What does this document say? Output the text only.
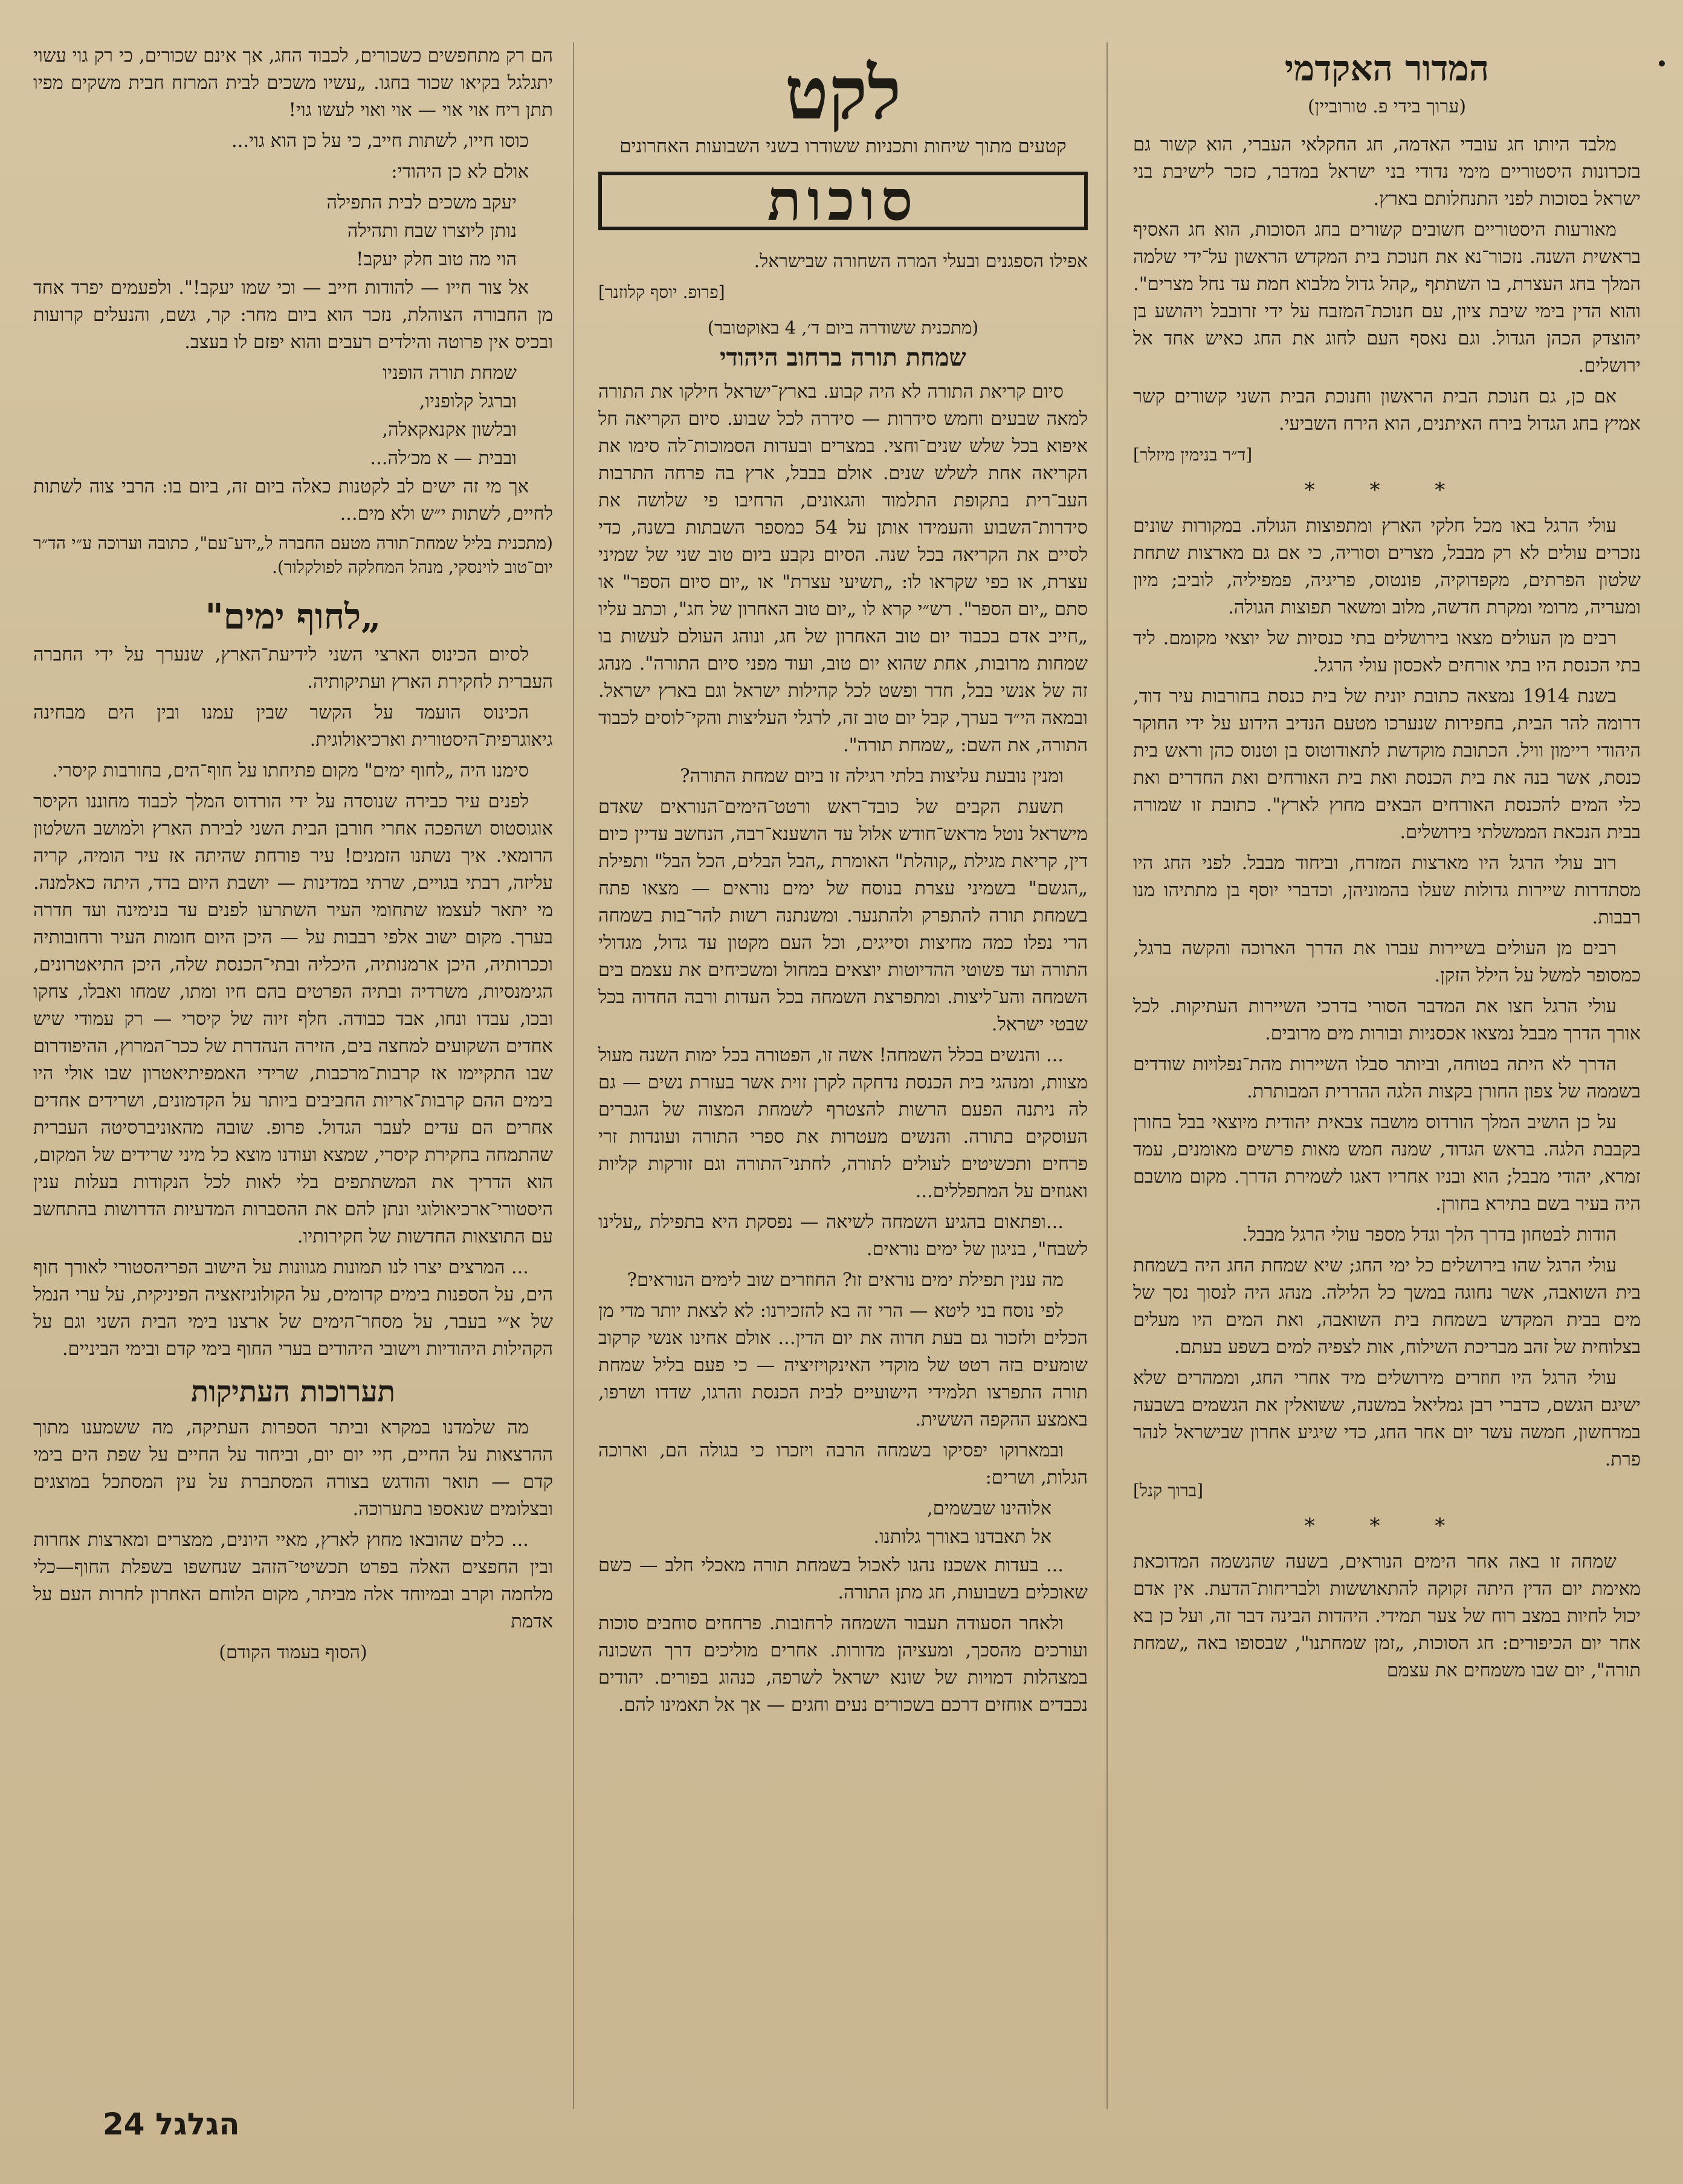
המדור האקדמי
(ערוך בידי פ. טורוביין)

מלבד היותו חג עובדי האדמה, חג החקלאי העברי, הוא קשור גם בזכרונות היסטוריים מימי נדודי בני ישראל במדבר, כזכר לישיבת בני ישראל בסוכות לפני התנחלותם בארץ.

מאורעות היסטוריים חשובים קשורים בחג הסוכות, הוא חג האסיף בראשית השנה. נזכור־נא את חנוכת בית המקדש הראשון על־ידי שלמה המלך בחג העצרת, בו השתתף „קהל גדול מלבוא חמת עד נחל מצרים". והוא הדין בימי שיבת ציון, עם חנוכת־המזבח על ידי זרובבל ויהושע בן יהוצדק הכהן הגדול. וגם נאסף העם לחוג את החג כאיש אחד אל ירושלים.

אם כן, גם חנוכת הבית הראשון וחנוכת הבית השני קשורים קשר אמיץ בחג הגדול בירח האיתנים, הוא הירח השביעי.

[ד״ר בנימין מיזלר]
* * *

עולי הרגל באו מכל חלקי הארץ ומתפוצות הגולה. במקורות שונים נזכרים עולים לא רק מבבל, מצרים וסוריה, כי אם גם מארצות שתחת שלטון הפרתים, מקפדוקיה, פונטוס, פריגיה, פמפיליה, לוביב; מיון ומעריה, מרומי ומקרת חדשה, מלוב ומשאר תפוצות הגולה.

רבים מן העולים מצאו בירושלים בתי כנסיות של יוצאי מקומם. ליד בתי הכנסת היו בתי אורחים לאכסון עולי הרגל.

בשנת 1914 נמצאה כתובת יונית של בית כנסת בחורבות עיר דוד, דרומה להר הבית, בחפירות שנערכו מטעם הנדיב הידוע על ידי החוקר היהודי ריימון וויל. הכתובת מוקדשת לתאודוטוס בן וטנוס כהן וראש בית כנסת, אשר בנה את בית הכנסת ואת בית האורחים ואת החדרים ואת כלי המים להכנסת האורחים הבאים מחוץ לארץ". כתובת זו שמורה בבית הנכאת הממשלתי בירושלים.

רוב עולי הרגל היו מארצות המזרח, וביחוד מבבל. לפני החג היו מסתדרות שיירות גדולות שעלו בהמוניהן, וכדברי יוסף בן מתתיהו מנו רבבות.

רבים מן העולים בשיירות עברו את הדרך הארוכה והקשה ברגל, כמסופר למשל על הילל הזקן.

עולי הרגל חצו את המדבר הסורי בדרכי השיירות העתיקות. לכל אורך הדרך מבבל נמצאו אכסניות ובורות מים מרובים.

הדרך לא היתה בטוחה, וביותר סבלו השיירות מהת־נפלויות שודדים בשממה של צפון החורן בקצות הלגה ההררית המבותרת.

על כן הושיב המלך הורדוס מושבה צבאית יהודית מיוצאי בבל בחורן בקבבת הלגה. בראש הגדוד, שמנה חמש מאות פרשים מאומנים, עמד זמרא, יהודי מבבל; הוא ובניו אחריו דאגו לשמירת הדרך. מקום מושבם היה בעיר בשם בתירא בחורן.

הודות לבטחון בדרך הלך וגדל מספר עולי הרגל מבבל.

עולי הרגל שהו בירושלים כל ימי החג; שיא שמחת החג היה בשמחת בית השואבה, אשר נחוגה במשך כל הלילה. מנהג היה לנסוך נסך של מים בבית המקדש בשמחת בית השואבה, ואת המים היו מעלים בצלוחית של זהב מבריכת השילוח, אות לצפיה למים בשפע בעתם.

עולי הרגל היו חוזרים מירושלים מיד אחרי החג, וממהרים שלא ישיגם הגשם, כדברי רבן גמליאל במשנה, ששואלין את הגשמים בשבעה במרחשון, חמשה עשר יום אחר החג, כדי שיגיע אחרון שבישראל לנהר פרת.

[ברוך קנל]
* * *

שמחה זו באה אחר הימים הנוראים, בשעה שהנשמה המדוכאת מאימת יום הדין היתה זקוקה להתאוששות ולבריחות־הדעת. אין אדם יכול לחיות במצב רוח של צער תמידי. היהדות הבינה דבר זה, ועל כן בא אחר יום הכיפורים: חג הסוכות, „זמן שמחתנו", שבסופו באה „שמחת תורה", יום שבו משמחים את עצמם

לקט
קטעים מתוך שיחות ותכניות ששודרו בשני השבועות האחרונים
סוכות

אפילו הספגנים ובעלי המרה השחורה שבישראל.

[פרופ. יוסף קלוזנר]
(מתכנית ששודרה ביום ד׳, 4 באוקטובר)
שמחת תורה ברחוב היהודי

סיום קריאת התורה לא היה קבוע. בארץ־ישראל חילקו את התורה למאה שבעים וחמש סידרות — סידרה לכל שבוע. סיום הקריאה חל איפוא בכל שלש שנים־וחצי. במצרים ובעדות הסמוכות־לה סימו את הקריאה אחת לשלש שנים. אולם בבבל, ארץ בה פרחה התרבות העב־רית בתקופת התלמוד והגאונים, הרחיבו פי שלושה את סידרות־השבוע והעמידו אותן על 54 כמספר השבתות בשנה, כדי לסיים את הקריאה בכל שנה. הסיום נקבע ביום טוב שני של שמיני עצרת, או כפי שקראו לו: „תשיעי עצרת" או „יום סיום הספר" או סתם „יום הספר". רש״י קרא לו „יום טוב האחרון של חג", וכתב עליו „חייב אדם בכבוד יום טוב האחרון של חג, ונוהג העולם לעשות בו שמחות מרובות, אחת שהוא יום טוב, ועוד מפני סיום התורה". מנהג זה של אנשי בבל, חדר ופשט לכל קהילות ישראל וגם בארץ ישראל. ובמאה הי״ד בערך, קבל יום טוב זה, לרגלי העליצות והקי־לוסים לכבוד התורה, את השם: „שמחת תורה".

ומנין נובעת עליצות בלתי רגילה זו ביום שמחת התורה?

תשעת הקבים של כובד־ראש ורטט־הימים־הנוראים שאדם מישראל נוטל מראש־חודש אלול עד הושענא־רבה, הנחשב עדיין כיום דין, קריאת מגילת „קוהלת" האומרת „הבל הבלים, הכל הבל" ותפילת „הגשם" בשמיני עצרת בנוסח של ימים נוראים — מצאו פתח בשמחת תורה להתפרק ולהתנער. ומשנתנה רשות להר־בות בשמחה הרי נפלו כמה מחיצות וסייגים, וכל העם מקטון עד גדול, מגדולי התורה ועד פשוטי ההדיוטות יוצאים במחול ומשכיחים את עצמם בים השמחה והע־ליצות. ומתפרצת השמחה בכל העדות ורבה החדוה בכל שבטי ישראל.

... והנשים בכלל השמחה! אשה זו, הפטורה בכל ימות השנה מעול מצוות, ומנהגי בית הכנסת נדחקה לקרן זוית אשר בעזרת נשים — גם לה ניתנה הפעם הרשות להצטרף לשמחת המצוה של הגברים העוסקים בתורה. והנשים מעטרות את ספרי התורה ועונדות זרי פרחים ותכשיטים לעולים לתורה, לחתני־התורה וגם זורקות קליות ואגוזים על המתפללים...

...ופתאום בהגיע השמחה לשיאה — נפסקת היא בתפילת „עלינו לשבח", בניגון של ימים נוראים.

מה ענין תפילת ימים נוראים זו? החוזרים שוב לימים הנוראים?

לפי נוסח בני ליטא — הרי זה בא להזכירנו: לא לצאת יותר מדי מן הכלים ולזכור גם בעת חדוה את יום הדין... אולם אחינו אנשי קרקוב שומעים בזה רטט של מוקדי האינקויזיציה — כי פעם בליל שמחת תורה התפרצו תלמידי הישועיים לבית הכנסת והרגו, שדדו ושרפו, באמצע ההקפה הששית.

ובמארוקו יפסיקו בשמחה הרבה ויזכרו כי בגולה הם, וארוכה הגלות, ושרים:

אלוהינו שבשמים,

אל תאבדנו באורך גלותנו.

... בעדות אשכנז נהגו לאכול בשמחת תורה מאכלי חלב — כשם שאוכלים בשבועות, חג מתן התורה.

ולאחר הסעודה תעבור השמחה לרחובות. פרחחים סוחבים סוכות ועורכים מהסכך, ומעציהן מדורות. אחרים מוליכים דרך השכונה במצהלות דמויות של שונא ישראל לשרפה, כנהוג בפורים. יהודים נכבדים אוחזים דרכם בשכורים נעים וחגים — אך אל תאמינו להם.

הם רק מתחפשים כשכורים, לכבוד החג, אך אינם שכורים, כי רק גוי עשוי יתגלגל בקיאו שכור בחגו. „עשיו משכים לבית המרזח חבית משקים מפיו תתן ריח אוי אוי — אוי ואוי לעשו גוי!

כוסו חייו, לשתות חייב, כי על כן הוא גוי...

אולם לא כן היהודי:

יעקב משכים לבית התפילה

נותן ליוצרו שבח ותהילה

הוי מה טוב חלק יעקב!

אל צור חייו — להודות חייב — וכי שמו יעקב!". ולפעמים יפרד אחד מן החבורה הצוהלת, נזכר הוא ביום מחר: קר, גשם, והנעלים קרועות ובכיס אין פרוטה והילדים רעבים והוא יפזם לו בעצב.

שמחת תורה הופניו

וברגל קלופניו,

ובלשון אקנאקאלה,

ובבית — א מכ׳לה...

אך מי זה ישים לב לקטנות כאלה ביום זה, ביום בו: הרבי צוה לשתות לחיים, לשתות י״ש ולא מים...

(מתכנית בליל שמחת־תורה מטעם החברה ל„ידע־עם", כתובה וערוכה ע״י הד״ר יום־טוב לוינסקי, מנהל המחלקה לפולקלור).

„לחוף ימים"

לסיום הכינוס הארצי השני לידיעת־הארץ, שנערך על ידי החברה העברית לחקירת הארץ ועתיקותיה.

הכינוס הועמד על הקשר שבין עמנו ובין הים מבחינה גיאוגרפית־היסטורית וארכיאולוגית.

סימנו היה „לחוף ימים" מקום פתיחתו על חוף־הים, בחורבות קיסרי.

לפנים עיר כבירה שנוסדה על ידי הורדוס המלך לכבוד מחוננו הקיסר אוגוסטוס ושהפכה אחרי חורבן הבית השני לבירת הארץ ולמושב השלטון הרומאי. איך נשתנו הזמנים! עיר פורחת שהיתה אז עיר הומיה, קריה עליזה, רבתי בגויים, שרתי במדינות — יושבת היום בדד, היתה כאלמנה. מי יתאר לעצמו שתחומי העיר השתרעו לפנים עד בנימינה ועד חדרה בערך. מקום ישוב אלפי רבבות על — היכן היום חומות העיר ורחובותיה וככרותיה, היכן ארמנותיה, היכליה ובתי־הכנסת שלה, היכן התיאטרונים, הגימנסיות, משרדיה ובתיה הפרטים בהם חיו ומתו, שמחו ואבלו, צחקו ובכו, עבדו ונחו, אבד כבודה. חלף זיוה של קיסרי — רק עמודי שיש אחדים השקועים למחצה בים, הזירה הנהדרת של ככר־המרוץ, ההיפודרום שבו התקיימו אז קרבות־מרכבות, שרידי האמפיתיאטרון שבו אולי היו בימים ההם קרבות־אריות החביבים ביותר על הקדמונים, ושרידים אחדים אחרים הם עדים לעבר הגדול. פרופ. שובה מהאוניברסיטה העברית שהתמחה בחקירת קיסרי, שמצא ועודנו מוצא כל מיני שרידים של המקום, הוא הדריך את המשתתפים בלי לאות לכל הנקודות בעלות ענין היסטורי־ארכיאולוגי ונתן להם את ההסברות המדעיות הדרושות בהתחשב עם התוצאות החדשות של חקירותיו.

... המרצים יצרו לנו תמונות מגוונות על הישוב הפריהסטורי לאורך חוף הים, על הספנות בימים קדומים, על הקולוניזאציה הפיניקית, על ערי הנמל של א״י בעבר, על מסחר־הימים של ארצנו בימי הבית השני וגם על הקהילות היהודיות וישובי היהודים בערי החוף בימי קדם ובימי הביניים.

תערוכות העתיקות

מה שלמדנו במקרא וביתר הספרות העתיקה, מה ששמענו מתוך ההרצאות על החיים, חיי יום יום, וביחוד על החיים על שפת הים בימי קדם — תואר והודגש בצורה המסתברת על עין המסתכל במוצגים ובצלומים שנאספו בתערוכה.

... כלים שהובאו מחוץ לארץ, מאיי היונים, ממצרים ומארצות אחרות ובין החפצים האלה בפרט תכשיטי־הזהב שנחשפו בשפלת החוף—כלי מלחמה וקרב ובמיוחד אלה מביתר, מקום הלוחם האחרון לחרות העם על אדמת

(הסוף בעמוד הקודם)
הגלגל 24
